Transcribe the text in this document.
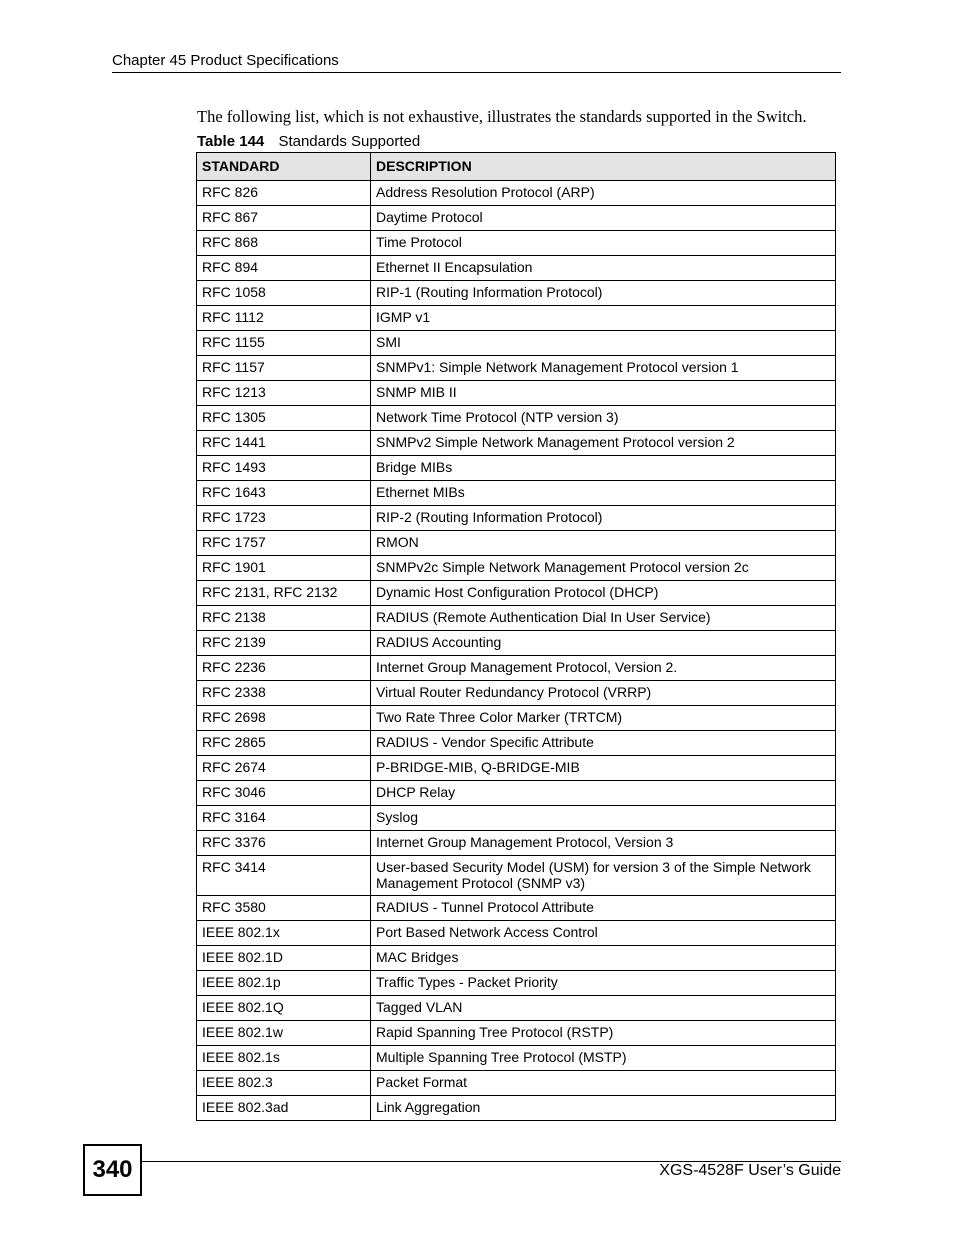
Chapter 45 Product Specifications
The following list, which is not exhaustive, illustrates the standards supported in the Switch.
Table 144 Standards Supported
STANDARD	DESCRIPTION
RFC 826	Address Resolution Protocol (ARP)
RFC 867	Daytime Protocol
RFC 868	Time Protocol
RFC 894	Ethernet II Encapsulation
RFC 1058	RIP-1 (Routing Information Protocol)
RFC 1112	IGMP v1
RFC 1155	SMI
RFC 1157	SNMPv1: Simple Network Management Protocol version 1
RFC 1213	SNMP MIB II
RFC 1305	Network Time Protocol (NTP version 3)
RFC 1441	SNMPv2 Simple Network Management Protocol version 2
RFC 1493	Bridge MIBs
RFC 1643	Ethernet MIBs
RFC 1723	RIP-2 (Routing Information Protocol)
RFC 1757	RMON
RFC 1901	SNMPv2c Simple Network Management Protocol version 2c
RFC 2131, RFC 2132	Dynamic Host Configuration Protocol (DHCP)
RFC 2138	RADIUS (Remote Authentication Dial In User Service)
RFC 2139	RADIUS Accounting
RFC 2236	Internet Group Management Protocol, Version 2.
RFC 2338	Virtual Router Redundancy Protocol (VRRP)
RFC 2698	Two Rate Three Color Marker (TRTCM)
RFC 2865	RADIUS - Vendor Specific Attribute
RFC 2674	P-BRIDGE-MIB, Q-BRIDGE-MIB
RFC 3046	DHCP Relay
RFC 3164	Syslog
RFC 3376	Internet Group Management Protocol, Version 3
RFC 3414	User-based Security Model (USM) for version 3 of the Simple Network Management Protocol (SNMP v3)
RFC 3580	RADIUS - Tunnel Protocol Attribute
IEEE 802.1x	Port Based Network Access Control
IEEE 802.1D	MAC Bridges
IEEE 802.1p	Traffic Types - Packet Priority
IEEE 802.1Q	Tagged VLAN
IEEE 802.1w	Rapid Spanning Tree Protocol (RSTP)
IEEE 802.1s	Multiple Spanning Tree Protocol (MSTP)
IEEE 802.3	Packet Format
IEEE 802.3ad	Link Aggregation
340	XGS-4528F User’s Guide
